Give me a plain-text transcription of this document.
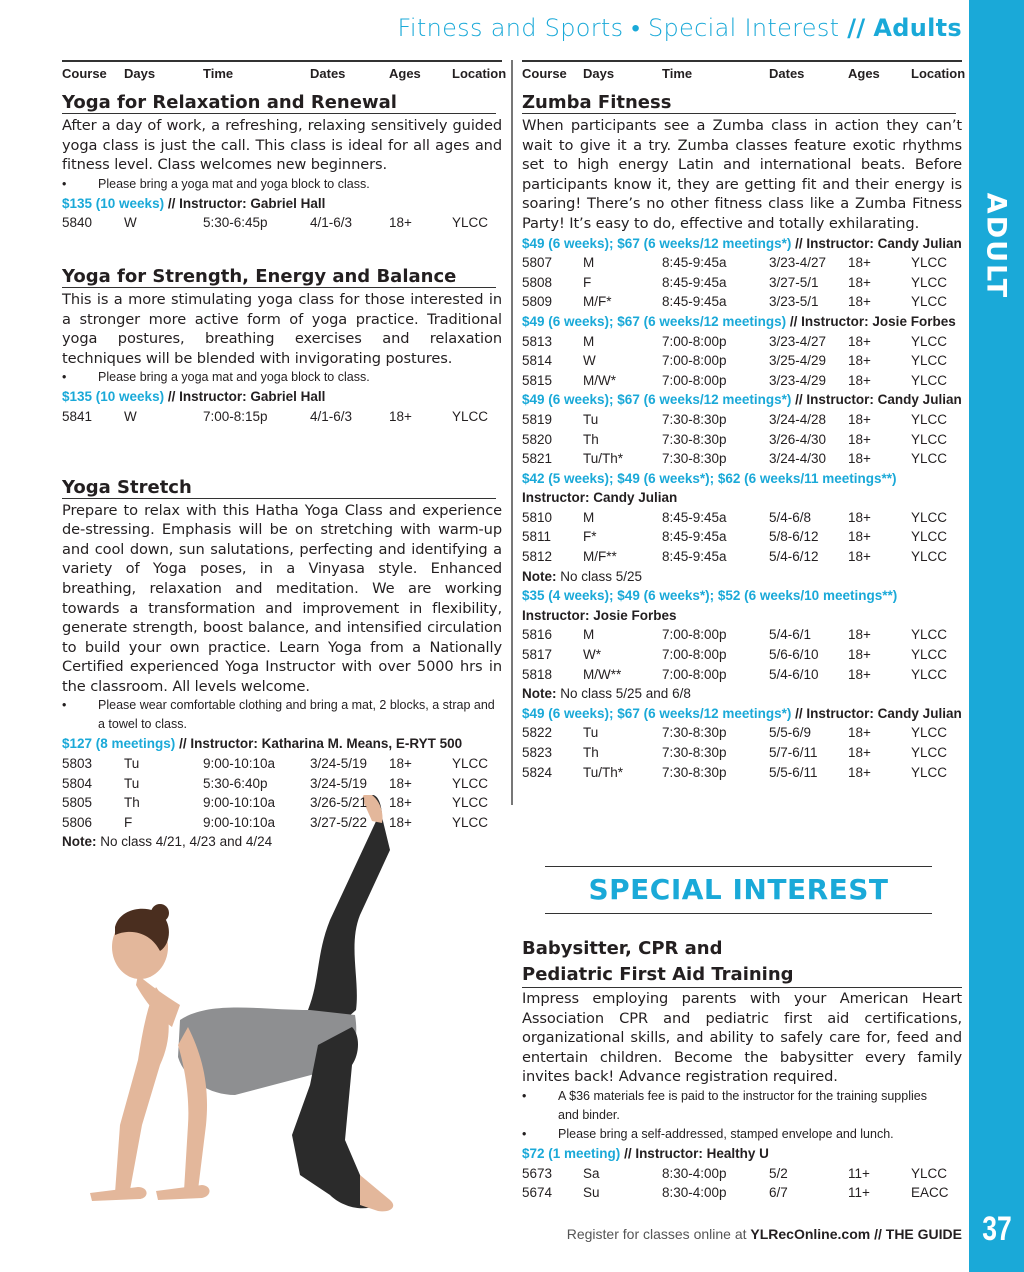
Fitness and Sports • Special Interest // Adults
ADULT
37
Course	Days	Time	Dates	Ages	Location
Yoga for Relaxation and Renewal

After a day of work, a refreshing, relaxing sensitively guided yoga class is just the call. This class is ideal for all ages and fitness level. Class welcomes new beginners.

• Please bring a yoga mat and yoga block to class.
$135 (10 weeks) // Instructor: Gabriel Hall
5840	W	5:30-6:45p	4/1-6/3	18+	YLCC
Yoga for Strength, Energy and Balance

This is a more stimulating yoga class for those interested in a stronger more active form of yoga practice. Traditional yoga postures, breathing exercises and relaxation techniques will be blended with invigorating postures.

• Please bring a yoga mat and yoga block to class.
$135 (10 weeks) // Instructor: Gabriel Hall
5841	W	7:00-8:15p	4/1-6/3	18+	YLCC
Yoga Stretch

Prepare to relax with this Hatha Yoga Class and experience de-stressing. Emphasis will be on stretching with warm-up and cool down, sun salutations, perfecting and identifying a variety of Yoga poses, in a Vinyasa style. Enhanced breathing, relaxation and meditation. We are working towards a transformation and improvement in flexibility, generate strength, boost balance, and intensified circulation to build your own practice. Learn Yoga from a Nationally Certified experienced Yoga Instructor with over 5000 hrs in the classroom. All levels welcome.

• Please wear comfortable clothing and bring a mat, 2 blocks, a strap and
a towel to class.
$127 (8 meetings) // Instructor: Katharina M. Means, E-RYT 500
5803	Tu	9:00-10:10a	3/24-5/19	18+	YLCC
5804	Tu	5:30-6:40p	3/24-5/19	18+	YLCC
5805	Th	9:00-10:10a	3/26-5/21	18+	YLCC
5806	F	9:00-10:10a	3/27-5/22	18+	YLCC
Note: No class 4/21, 4/23 and 4/24
Course	Days	Time	Dates	Ages	Location
Zumba Fitness

When participants see a Zumba class in action they can’t wait to give it a try. Zumba classes feature exotic rhythms set to high energy Latin and international beats. Before participants know it, they are getting fit and their energy is soaring! There’s no other fitness class like a Zumba Fitness Party! It’s easy to do, effective and totally exhilarating.

$49 (6 weeks); $67 (6 weeks/12 meetings*) // Instructor: Candy Julian
5807	M	8:45-9:45a	3/23-4/27	18+	YLCC
5808	F	8:45-9:45a	3/27-5/1	18+	YLCC
5809	M/F*	8:45-9:45a	3/23-5/1	18+	YLCC
$49 (6 weeks); $67 (6 weeks/12 meetings) // Instructor: Josie Forbes
5813	M	7:00-8:00p	3/23-4/27	18+	YLCC
5814	W	7:00-8:00p	3/25-4/29	18+	YLCC
5815	M/W*	7:00-8:00p	3/23-4/29	18+	YLCC
$49 (6 weeks); $67 (6 weeks/12 meetings*) // Instructor: Candy Julian
5819	Tu	7:30-8:30p	3/24-4/28	18+	YLCC
5820	Th	7:30-8:30p	3/26-4/30	18+	YLCC
5821	Tu/Th*	7:30-8:30p	3/24-4/30	18+	YLCC
$42 (5 weeks); $49 (6 weeks*); $62 (6 weeks/11 meetings**)
Instructor: Candy Julian
5810	M	8:45-9:45a	5/4-6/8	18+	YLCC
5811	F*	8:45-9:45a	5/8-6/12	18+	YLCC
5812	M/F**	8:45-9:45a	5/4-6/12	18+	YLCC
Note: No class 5/25
$35 (4 weeks); $49 (6 weeks*); $52 (6 weeks/10 meetings**)
Instructor: Josie Forbes
5816	M	7:00-8:00p	5/4-6/1	18+	YLCC
5817	W*	7:00-8:00p	5/6-6/10	18+	YLCC
5818	M/W**	7:00-8:00p	5/4-6/10	18+	YLCC
Note: No class 5/25 and 6/8
$49 (6 weeks); $67 (6 weeks/12 meetings*) // Instructor: Candy Julian
5822	Tu	7:30-8:30p	5/5-6/9	18+	YLCC
5823	Th	7:30-8:30p	5/7-6/11	18+	YLCC
5824	Tu/Th*	7:30-8:30p	5/5-6/11	18+	YLCC
SPECIAL INTEREST
Babysitter, CPR and
Pediatric First Aid Training

Impress employing parents with your American Heart Association CPR and pediatric first aid certifications, organizational skills, and ability to safely care for, feed and entertain children. Become the babysitter every family invites back! Advance registration required.

• A $36 materials fee is paid to the instructor for the training supplies
and binder.
• Please bring a self-addressed, stamped envelope and lunch.
$72 (1 meeting) // Instructor: Healthy U
5673	Sa	8:30-4:00p	5/2	11+	YLCC
5674	Su	8:30-4:00p	6/7	11+	EACC
Register for classes online at YLRecOnline.com // THE GUIDE
